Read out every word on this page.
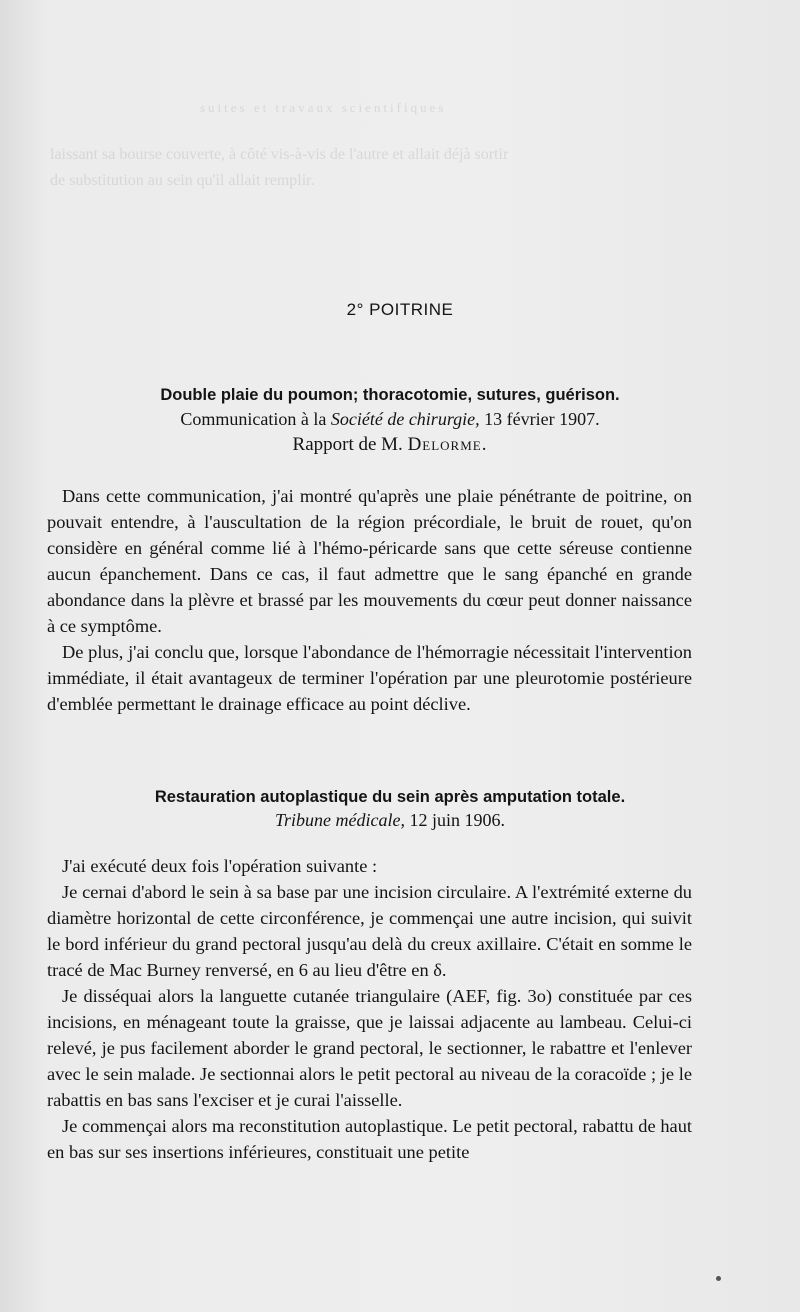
suites et travaux scientifiques
laissant sa bourse couverte, à côté vis-à-vis de l'autre et allait déjà sortir
de substitution au sein qu'il allait remplir.
2° POITRINE
Double plaie du poumon; thoracotomie, sutures, guérison.
Communication à la Société de chirurgie, 13 février 1907.
Rapport de M. Delorme.

Dans cette communication, j'ai montré qu'après une plaie pénétrante de poitrine, on pouvait entendre, à l'auscultation de la région précordiale, le bruit de rouet, qu'on considère en général comme lié à l'hémo-péricarde sans que cette séreuse contienne aucun épanchement. Dans ce cas, il faut admettre que le sang épanché en grande abondance dans la plèvre et brassé par les mouvements du cœur peut donner naissance à ce symptôme.

De plus, j'ai conclu que, lorsque l'abondance de l'hémorragie nécessitait l'intervention immédiate, il était avantageux de terminer l'opération par une pleurotomie postérieure d'emblée permettant le drainage efficace au point déclive.

Restauration autoplastique du sein après amputation totale.
Tribune médicale, 12 juin 1906.

J'ai exécuté deux fois l'opération suivante :

Je cernai d'abord le sein à sa base par une incision circulaire. A l'extrémité externe du diamètre horizontal de cette circonférence, je commençai une autre incision, qui suivit le bord inférieur du grand pectoral jusqu'au delà du creux axillaire. C'était en somme le tracé de Mac Burney renversé, en 6 au lieu d'être en δ.

Je disséquai alors la languette cutanée triangulaire (AEF, fig. 3o) constituée par ces incisions, en ménageant toute la graisse, que je laissai adjacente au lambeau. Celui-ci relevé, je pus facilement aborder le grand pectoral, le sectionner, le rabattre et l'enlever avec le sein malade. Je sectionnai alors le petit pectoral au niveau de la coracoïde ; je le rabattis en bas sans l'exciser et je curai l'aisselle.

Je commençai alors ma reconstitution autoplastique. Le petit pectoral, rabattu de haut en bas sur ses insertions inférieures, constituait une petite
